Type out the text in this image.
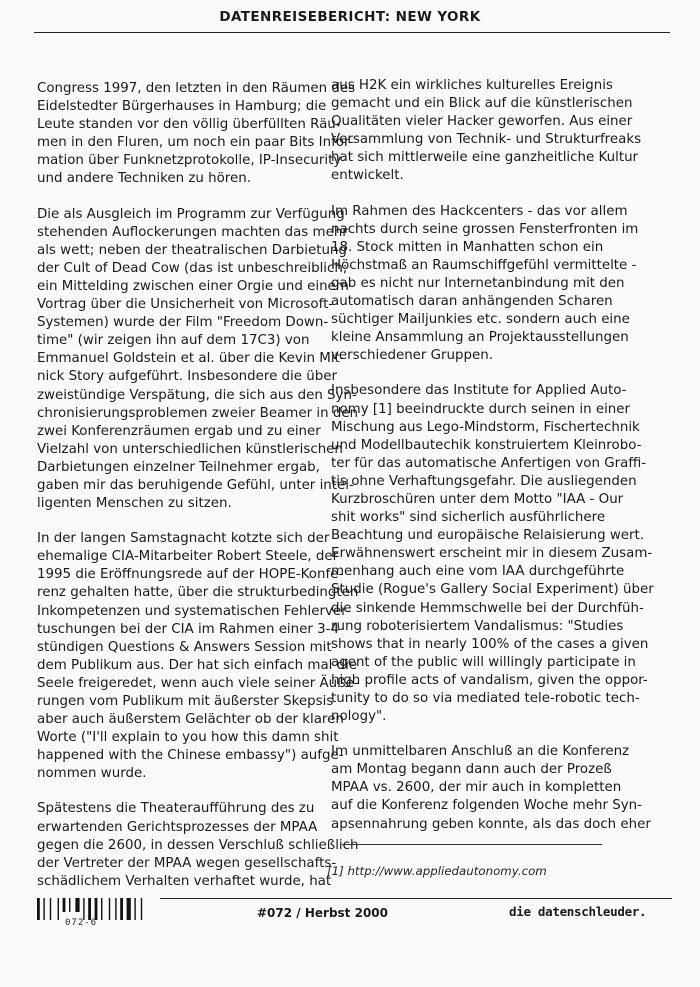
DATENREISEBERICHT: NEW YORK

Congress 1997, den letzten in den Räumen des
Eidelstedter Bürgerhauses in Hamburg; die
Leute standen vor den völlig überfüllten Räu-
men in den Fluren, um noch ein paar Bits Infor-
mation über Funknetzprotokolle, IP-Insecurity
und andere Techniken zu hören.

Die als Ausgleich im Programm zur Verfügung
stehenden Auflockerungen machten das mehr
als wett; neben der theatralischen Darbietung
der Cult of Dead Cow (das ist unbeschreiblich;
ein Mittelding zwischen einer Orgie und einem
Vortrag über die Unsicherheit von Microsoft-
Systemen) wurde der Film "Freedom Down-
time" (wir zeigen ihn auf dem 17C3) von
Emmanuel Goldstein et al. über die Kevin Mit-
nick Story aufgeführt. Insbesondere die über
zweistündige Verspätung, die sich aus den Syn-
chronisierungsproblemen zweier Beamer in den
zwei Konferenzräumen ergab und zu einer
Vielzahl von unterschiedlichen künstlerischen
Darbietungen einzelner Teilnehmer ergab,
gaben mir das beruhigende Gefühl, unter intel-
ligenten Menschen zu sitzen.

In der langen Samstagnacht kotzte sich der
ehemalige CIA-Mitarbeiter Robert Steele, der
1995 die Eröffnungsrede auf der HOPE-Konfe-
renz gehalten hatte, über die strukturbedingten
Inkompetenzen und systematischen Fehlerver-
tuschungen bei der CIA im Rahmen einer 3-4
stündigen Questions & Answers Session mit
dem Publikum aus. Der hat sich einfach mal die
Seele freigeredet, wenn auch viele seiner Äuße-
rungen vom Publikum mit äußerster Skepsis
aber auch äußerstem Gelächter ob der klaren
Worte ("I'll explain to you how this damn shit
happened with the Chinese embassy") aufge-
nommen wurde.

Spätestens die Theateraufführung des zu
erwartenden Gerichtsprozesses der MPAA
gegen die 2600, in dessen Verschluß schließlich
der Vertreter der MPAA wegen gesellschafts-
schädlichem Verhalten verhaftet wurde, hat

aus H2K ein wirkliches kulturelles Ereignis
gemacht und ein Blick auf die künstlerischen
Qualitäten vieler Hacker geworfen. Aus einer
Versammlung von Technik- und Strukturfreaks
hat sich mittlerweile eine ganzheitliche Kultur
entwickelt.

Im Rahmen des Hackcenters - das vor allem
nachts durch seine grossen Fensterfronten im
18. Stock mitten in Manhatten schon ein
Höchstmaß an Raumschiffgefühl vermittelte -
gab es nicht nur Internetanbindung mit den
automatisch daran anhängenden Scharen
süchtiger Mailjunkies etc. sondern auch eine
kleine Ansammlung an Projektausstellungen
verschiedener Gruppen.

Insbesondere das Institute for Applied Auto-
nomy [1] beeindruckte durch seinen in einer
Mischung aus Lego-Mindstorm, Fischertechnik
und Modellbautechik konstruiertem Kleinrobo-
ter für das automatische Anfertigen von Graffi-
tis ohne Verhaftungsgefahr. Die ausliegenden
Kurzbroschüren unter dem Motto "IAA - Our
shit works" sind sicherlich ausführlichere
Beachtung und europäische Relaisierung wert.
Erwähnenswert erscheint mir in diesem Zusam-
menhang auch eine vom IAA durchgeführte
Studie (Rogue's Gallery Social Experiment) über
die sinkende Hemmschwelle bei der Durchfüh-
rung roboterisiertem Vandalismus: "Studies
shows that in nearly 100% of the cases a given
agent of the public will willingly participate in
high profile acts of vandalism, given the oppor-
tunity to do so via mediated tele-robotic tech-
nology".

Im unmittelbaren Anschluß an die Konferenz
am Montag begann dann auch der Prozeß
MPAA vs. 2600, der mir auch in kompletten
auf die Konferenz folgenden Woche mehr Syn-
apsennahrung geben konnte, als das doch eher

[1] http://www.appliedautonomy.com
072-6
#072 / Herbst 2000	die datenschleuder.
